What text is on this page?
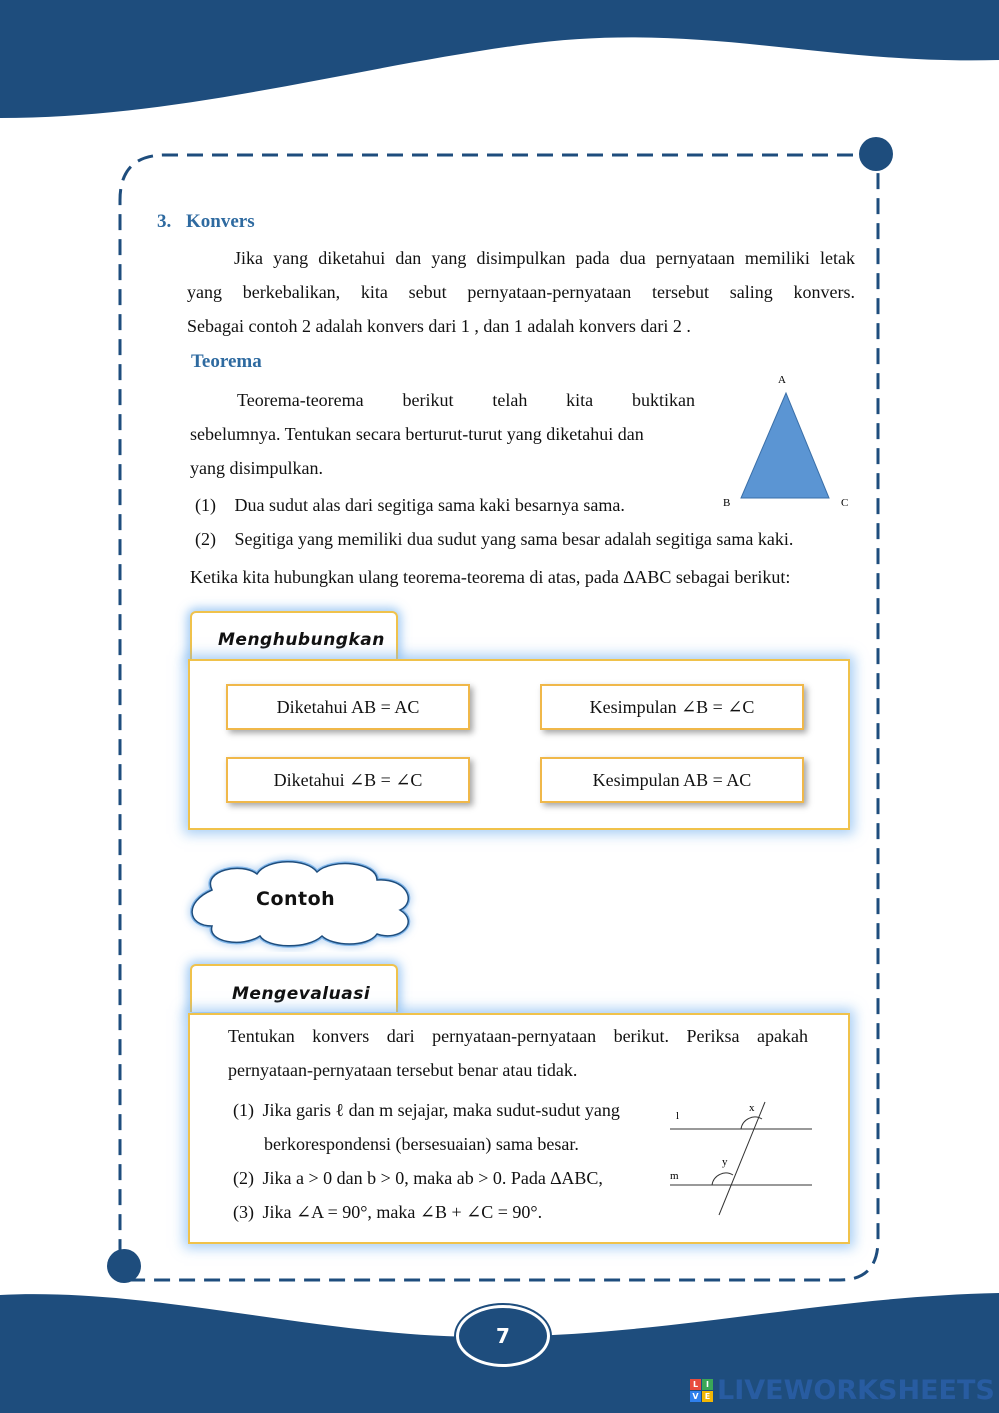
3. Konvers
Jika yang diketahui dan yang disimpulkan pada dua pernyataan memiliki letak
yang berkebalikan, kita sebut pernyataan-pernyataan tersebut saling konvers.
Sebagai contoh 2 adalah konvers dari 1 , dan 1 adalah konvers dari 2 .
Teorema
Teorema-teorema berikut telah kita buktikan
sebelumnya. Tentukan secara berturut-turut yang diketahui dan
yang disimpulkan.
A
B	C
(1) Dua sudut alas dari segitiga sama kaki besarnya sama.
(2) Segitiga yang memiliki dua sudut yang sama besar adalah segitiga sama kaki.
Ketika kita hubungkan ulang teorema-teorema di atas, pada ∆ABC sebagai berikut:
Menghubungkan
Diketahui AB = AC	Kesimpulan ∠B = ∠C
Diketahui ∠B = ∠C	Kesimpulan AB = AC
Contoh
Mengevaluasi
Tentukan konvers dari pernyataan-pernyataan berikut. Periksa apakah
pernyataan-pernyataan tersebut benar atau tidak.
(1) Jika garis ℓ dan m sejajar, maka sudut-sudut yang
berkorespondensi (bersesuaian) sama besar.
(2) Jika a > 0 dan b > 0, maka ab > 0. Pada ∆ABC,
(3) Jika ∠A = 90°, maka ∠B + ∠C = 90°.
l
m
x
y
7
L I
V E LIVEWORKSHEETS
